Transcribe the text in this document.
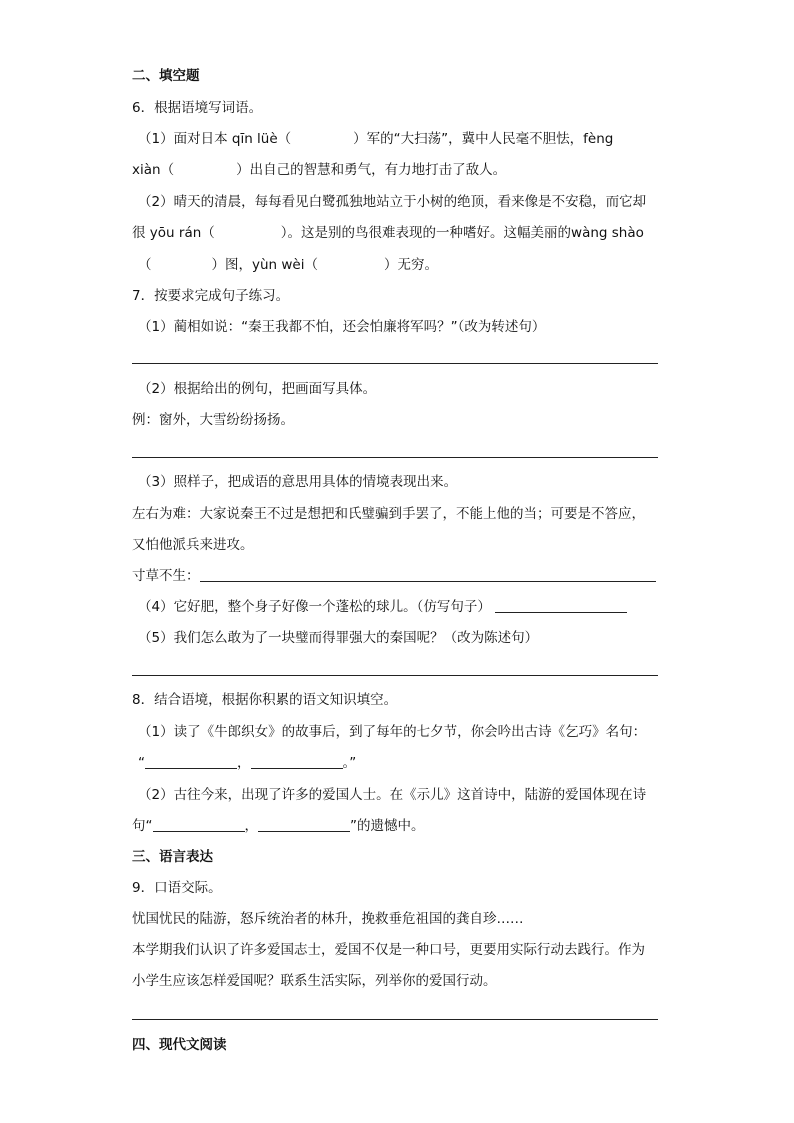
二、填空题
6．根据语境写词语。
（1）面对日本 qīn lüè（	）军的“大扫荡”，冀中人民毫不胆怯，fèng
xiàn（	）出自己的智慧和勇气，有力地打击了敌人。
（2）晴天的清晨，每每看见白鹭孤独地站立于小树的绝顶，看来像是不安稳，而它却
很 yōu rán（	）。这是别的鸟很难表现的一种嗜好。这幅美丽的wàng shào
（	）图，yùn wèi（	）无穷。
7．按要求完成句子练习。
（1）蔺相如说：“秦王我都不怕，还会怕廉将军吗？”（改为转述句）
（2）根据给出的例句，把画面写具体。
例：窗外，大雪纷纷扬扬。
（3）照样子，把成语的意思用具体的情境表现出来。
左右为难：大家说秦王不过是想把和氏璧骗到手罢了，不能上他的当；可要是不答应，
又怕他派兵来进攻。
寸草不生：
（4）它好肥，整个身子好像一个蓬松的球儿。（仿写句子）
（5）我们怎么敢为了一块璧而得罪强大的秦国呢？（改为陈述句）
8．结合语境，根据你积累的语文知识填空。
（1）读了《牛郎织女》的故事后，到了每年的七夕节，你会吟出古诗《乞巧》名句：
“	，	。”
（2）古往今来，出现了许多的爱国人士。在《示儿》这首诗中，陆游的爱国体现在诗
句“	，	”的遗憾中。
三、语言表达
9．口语交际。
忧国忧民的陆游，怒斥统治者的林升，挽救垂危祖国的龚自珍……
本学期我们认识了许多爱国志士，爱国不仅是一种口号，更要用实际行动去践行。作为
小学生应该怎样爱国呢？联系生活实际，列举你的爱国行动。
四、现代文阅读
